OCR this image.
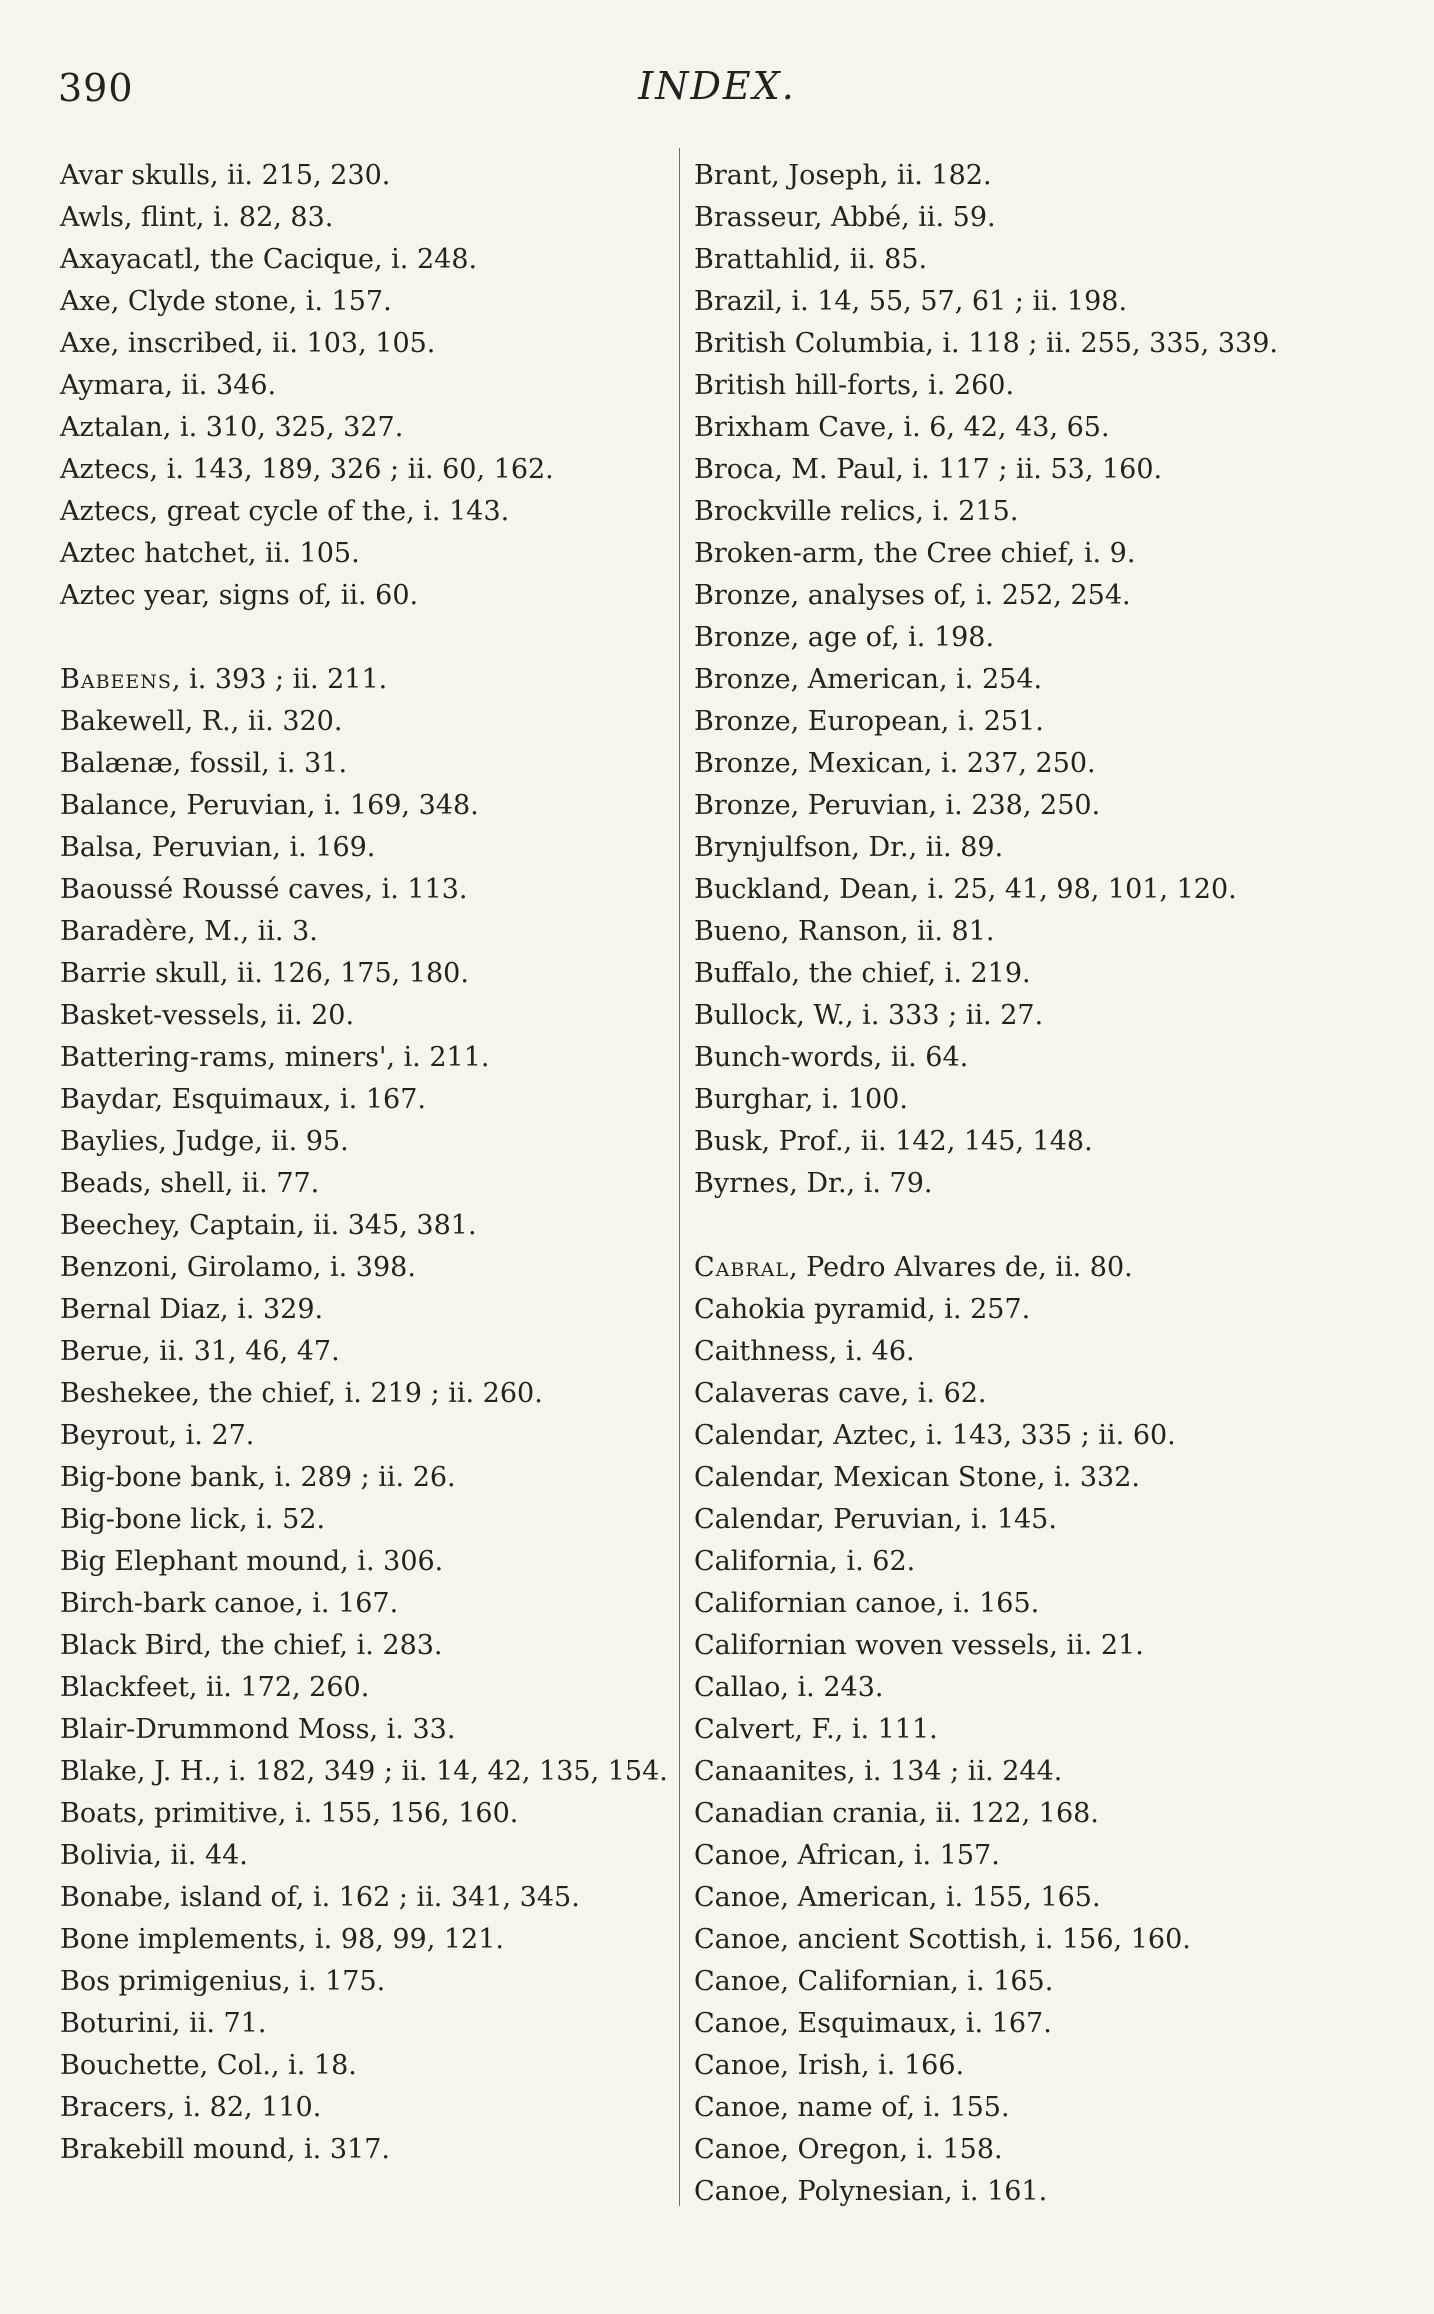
390	INDEX.
Avar skulls, ii. 215, 230.
Awls, flint, i. 82, 83.
Axayacatl, the Cacique, i. 248.
Axe, Clyde stone, i. 157.
Axe, inscribed, ii. 103, 105.
Aymara, ii. 346.
Aztalan, i. 310, 325, 327.
Aztecs, i. 143, 189, 326 ; ii. 60, 162.
Aztecs, great cycle of the, i. 143.
Aztec hatchet, ii. 105.
Aztec year, signs of, ii. 60.
Babeens, i. 393 ; ii. 211.
Bakewell, R., ii. 320.
Balænæ, fossil, i. 31.
Balance, Peruvian, i. 169, 348.
Balsa, Peruvian, i. 169.
Baoussé Roussé caves, i. 113.
Baradère, M., ii. 3.
Barrie skull, ii. 126, 175, 180.
Basket-vessels, ii. 20.
Battering-rams, miners', i. 211.
Baydar, Esquimaux, i. 167.
Baylies, Judge, ii. 95.
Beads, shell, ii. 77.
Beechey, Captain, ii. 345, 381.
Benzoni, Girolamo, i. 398.
Bernal Diaz, i. 329.
Berue, ii. 31, 46, 47.
Beshekee, the chief, i. 219 ; ii. 260.
Beyrout, i. 27.
Big-bone bank, i. 289 ; ii. 26.
Big-bone lick, i. 52.
Big Elephant mound, i. 306.
Birch-bark canoe, i. 167.
Black Bird, the chief, i. 283.
Blackfeet, ii. 172, 260.
Blair-Drummond Moss, i. 33.
Blake, J. H., i. 182, 349 ; ii. 14, 42, 135, 154.
Boats, primitive, i. 155, 156, 160.
Bolivia, ii. 44.
Bonabe, island of, i. 162 ; ii. 341, 345.
Bone implements, i. 98, 99, 121.
Bos primigenius, i. 175.
Boturini, ii. 71.
Bouchette, Col., i. 18.
Bracers, i. 82, 110.
Brakebill mound, i. 317.
Brant, Joseph, ii. 182.
Brasseur, Abbé, ii. 59.
Brattahlid, ii. 85.
Brazil, i. 14, 55, 57, 61 ; ii. 198.
British Columbia, i. 118 ; ii. 255, 335, 339.
British hill-forts, i. 260.
Brixham Cave, i. 6, 42, 43, 65.
Broca, M. Paul, i. 117 ; ii. 53, 160.
Brockville relics, i. 215.
Broken-arm, the Cree chief, i. 9.
Bronze, analyses of, i. 252, 254.
Bronze, age of, i. 198.
Bronze, American, i. 254.
Bronze, European, i. 251.
Bronze, Mexican, i. 237, 250.
Bronze, Peruvian, i. 238, 250.
Brynjulfson, Dr., ii. 89.
Buckland, Dean, i. 25, 41, 98, 101, 120.
Bueno, Ranson, ii. 81.
Buffalo, the chief, i. 219.
Bullock, W., i. 333 ; ii. 27.
Bunch-words, ii. 64.
Burghar, i. 100.
Busk, Prof., ii. 142, 145, 148.
Byrnes, Dr., i. 79.
Cabral, Pedro Alvares de, ii. 80.
Cahokia pyramid, i. 257.
Caithness, i. 46.
Calaveras cave, i. 62.
Calendar, Aztec, i. 143, 335 ; ii. 60.
Calendar, Mexican Stone, i. 332.
Calendar, Peruvian, i. 145.
California, i. 62.
Californian canoe, i. 165.
Californian woven vessels, ii. 21.
Callao, i. 243.
Calvert, F., i. 111.
Canaanites, i. 134 ; ii. 244.
Canadian crania, ii. 122, 168.
Canoe, African, i. 157.
Canoe, American, i. 155, 165.
Canoe, ancient Scottish, i. 156, 160.
Canoe, Californian, i. 165.
Canoe, Esquimaux, i. 167.
Canoe, Irish, i. 166.
Canoe, name of, i. 155.
Canoe, Oregon, i. 158.
Canoe, Polynesian, i. 161.
